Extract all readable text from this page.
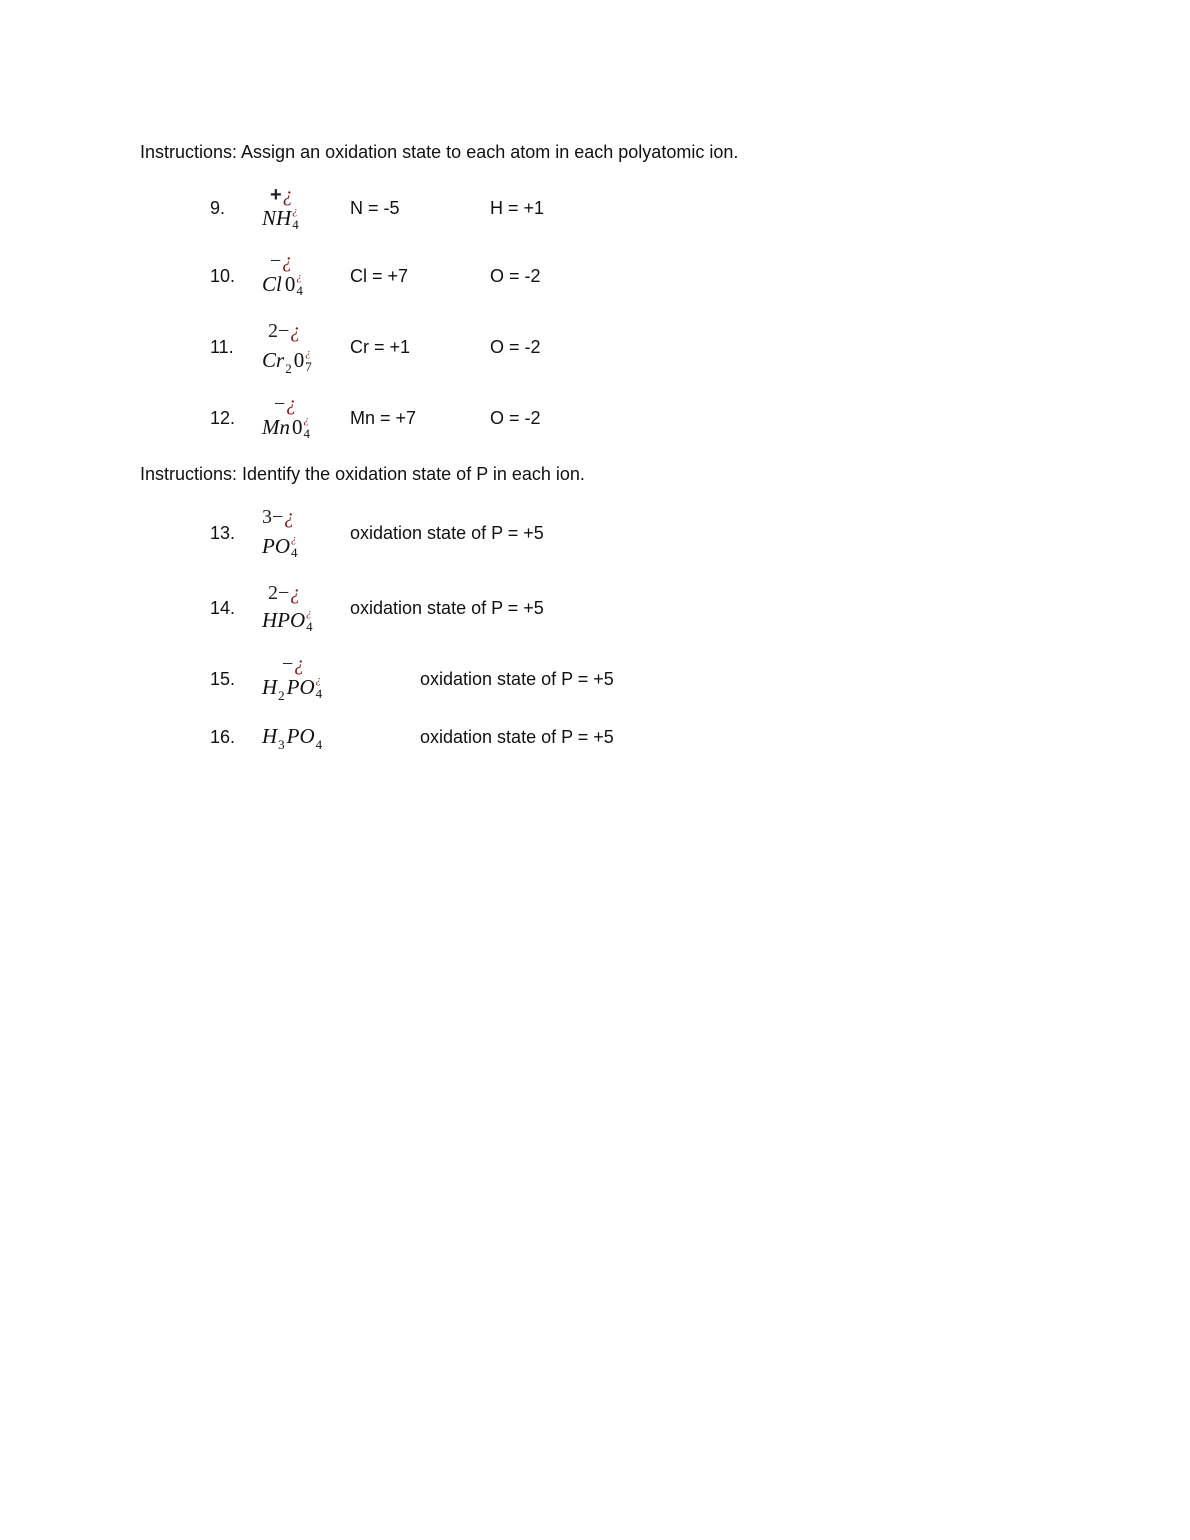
Instructions: Assign an oxidation state to each atom in each polyatomic ion.
9.
+¿
NH ¿
4
N = -5	H = +1
10.
−¿
Cl 0 ¿
4
Cl = +7	O = -2
11.
2−¿
Cr20 ¿
7
Cr = +1	O = -2
12.
−¿
Mn0 ¿
4
Mn = +7	O = -2
Instructions: Identify the oxidation state of P in each ion.
13.
3−¿
PO ¿
4
oxidation state of P = +5
14.
2−¿
HPO ¿
4
oxidation state of P = +5
15.
−¿
H2PO ¿
4
oxidation state of P = +5
16. H3PO4	oxidation state of P = +5
